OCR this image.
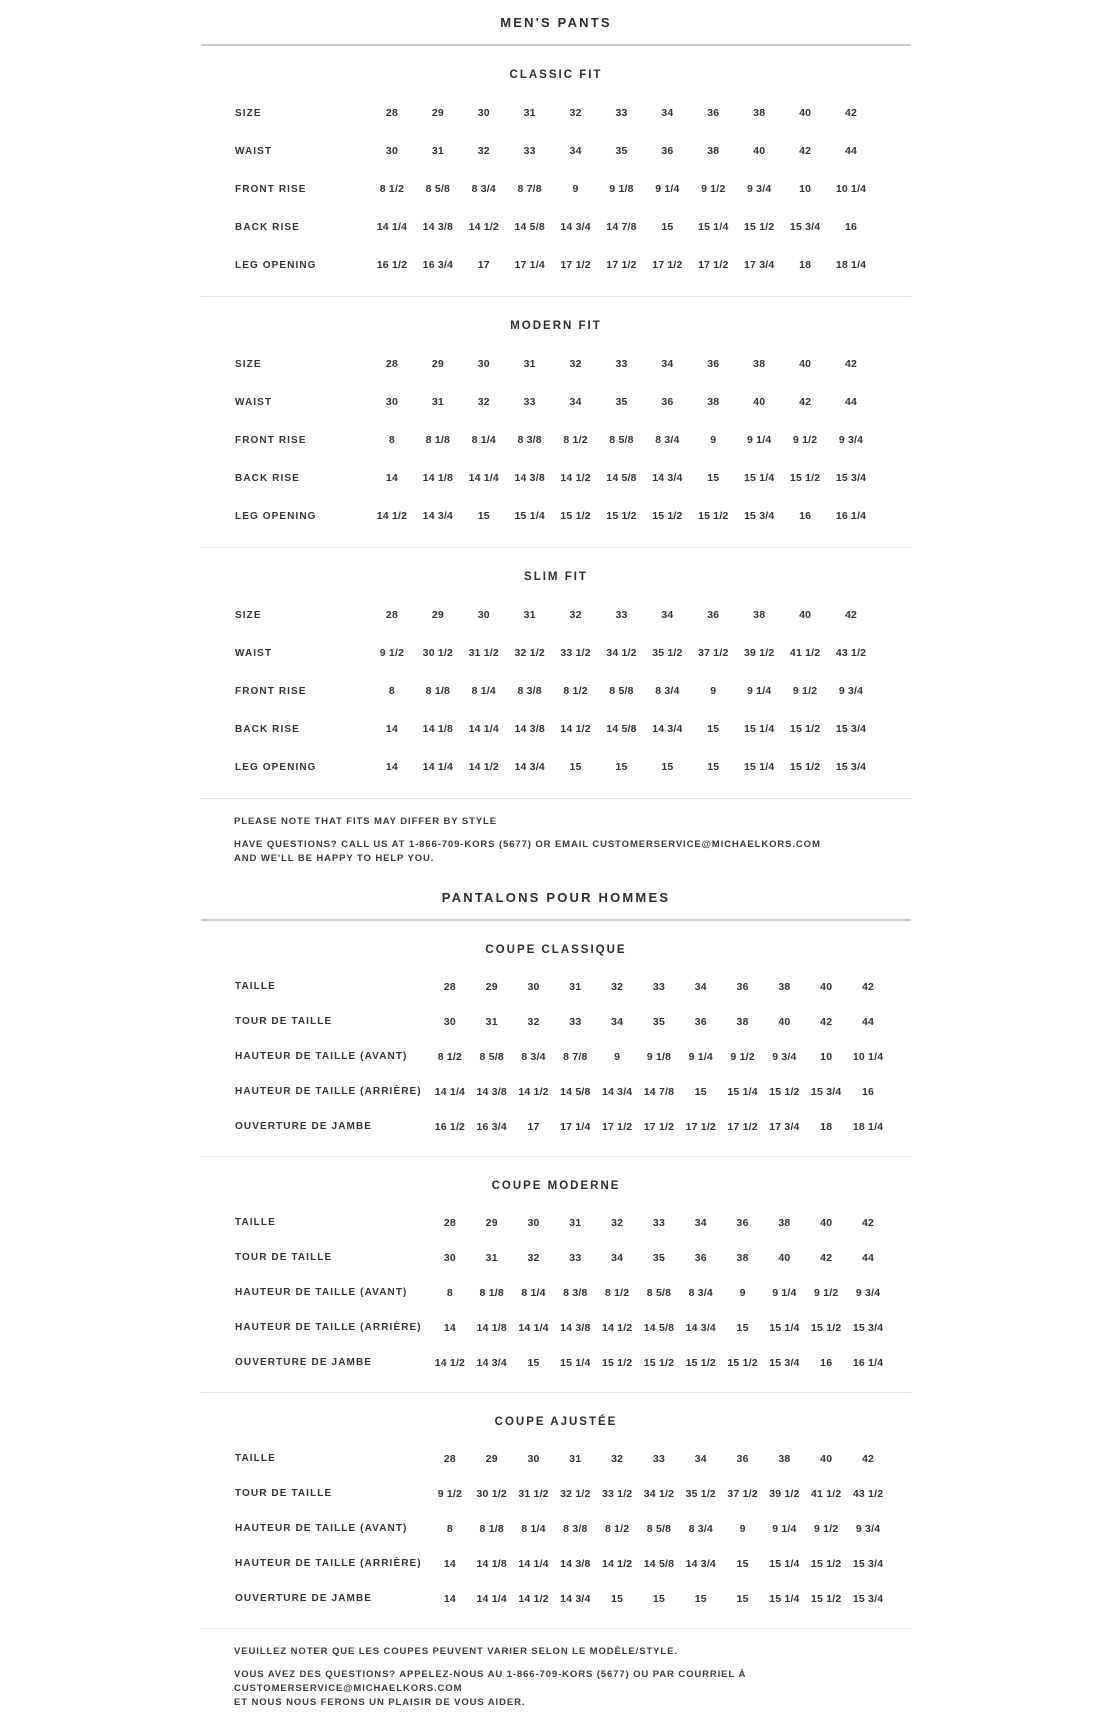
MEN'S PANTS
CLASSIC FIT
SIZE	28	29	30	31	32	33	34	36	38	40	42
WAIST	30	31	32	33	34	35	36	38	40	42	44
FRONT RISE	8 1/2	8 5/8	8 3/4	8 7/8	9	9 1/8	9 1/4	9 1/2	9 3/4	10	10 1/4
BACK RISE	14 1/4	14 3/8	14 1/2	14 5/8	14 3/4	14 7/8	15	15 1/4	15 1/2	15 3/4	16
LEG OPENING	16 1/2	16 3/4	17	17 1/4	17 1/2	17 1/2	17 1/2	17 1/2	17 3/4	18	18 1/4
MODERN FIT
SIZE	28	29	30	31	32	33	34	36	38	40	42
WAIST	30	31	32	33	34	35	36	38	40	42	44
FRONT RISE	8	8 1/8	8 1/4	8 3/8	8 1/2	8 5/8	8 3/4	9	9 1/4	9 1/2	9 3/4
BACK RISE	14	14 1/8	14 1/4	14 3/8	14 1/2	14 5/8	14 3/4	15	15 1/4	15 1/2	15 3/4
LEG OPENING	14 1/2	14 3/4	15	15 1/4	15 1/2	15 1/2	15 1/2	15 1/2	15 3/4	16	16 1/4
SLIM FIT
SIZE	28	29	30	31	32	33	34	36	38	40	42
WAIST	9 1/2	30 1/2	31 1/2	32 1/2	33 1/2	34 1/2	35 1/2	37 1/2	39 1/2	41 1/2	43 1/2
FRONT RISE	8	8 1/8	8 1/4	8 3/8	8 1/2	8 5/8	8 3/4	9	9 1/4	9 1/2	9 3/4
BACK RISE	14	14 1/8	14 1/4	14 3/8	14 1/2	14 5/8	14 3/4	15	15 1/4	15 1/2	15 3/4
LEG OPENING	14	14 1/4	14 1/2	14 3/4	15	15	15	15	15 1/4	15 1/2	15 3/4
PLEASE NOTE THAT FITS MAY DIFFER BY STYLE
HAVE QUESTIONS? CALL US AT 1-866-709-KORS (5677) OR EMAIL CUSTOMERSERVICE@MICHAELKORS.COM
AND WE'LL BE HAPPY TO HELP YOU.
PANTALONS POUR HOMMES
COUPE CLASSIQUE
TAILLE	28	29	30	31	32	33	34	36	38	40	42
TOUR DE TAILLE	30	31	32	33	34	35	36	38	40	42	44
HAUTEUR DE TAILLE (AVANT)	8 1/2	8 5/8	8 3/4	8 7/8	9	9 1/8	9 1/4	9 1/2	9 3/4	10	10 1/4
HAUTEUR DE TAILLE (ARRIÈRE)	14 1/4	14 3/8	14 1/2	14 5/8	14 3/4	14 7/8	15	15 1/4	15 1/2	15 3/4	16
OUVERTURE DE JAMBE	16 1/2	16 3/4	17	17 1/4	17 1/2	17 1/2	17 1/2	17 1/2	17 3/4	18	18 1/4
COUPE MODERNE
TAILLE	28	29	30	31	32	33	34	36	38	40	42
TOUR DE TAILLE	30	31	32	33	34	35	36	38	40	42	44
HAUTEUR DE TAILLE (AVANT)	8	8 1/8	8 1/4	8 3/8	8 1/2	8 5/8	8 3/4	9	9 1/4	9 1/2	9 3/4
HAUTEUR DE TAILLE (ARRIÈRE)	14	14 1/8	14 1/4	14 3/8	14 1/2	14 5/8	14 3/4	15	15 1/4	15 1/2	15 3/4
OUVERTURE DE JAMBE	14 1/2	14 3/4	15	15 1/4	15 1/2	15 1/2	15 1/2	15 1/2	15 3/4	16	16 1/4
COUPE AJUSTÉE
TAILLE	28	29	30	31	32	33	34	36	38	40	42
TOUR DE TAILLE	9 1/2	30 1/2	31 1/2	32 1/2	33 1/2	34 1/2	35 1/2	37 1/2	39 1/2	41 1/2	43 1/2
HAUTEUR DE TAILLE (AVANT)	8	8 1/8	8 1/4	8 3/8	8 1/2	8 5/8	8 3/4	9	9 1/4	9 1/2	9 3/4
HAUTEUR DE TAILLE (ARRIÈRE)	14	14 1/8	14 1/4	14 3/8	14 1/2	14 5/8	14 3/4	15	15 1/4	15 1/2	15 3/4
OUVERTURE DE JAMBE	14	14 1/4	14 1/2	14 3/4	15	15	15	15	15 1/4	15 1/2	15 3/4
VEUILLEZ NOTER QUE LES COUPES PEUVENT VARIER SELON LE MODÈLE/STYLE.
VOUS AVEZ DES QUESTIONS? APPELEZ-NOUS AU 1-866-709-KORS (5677) OU PAR COURRIEL À CUSTOMERSERVICE@MICHAELKORS.COM
ET NOUS NOUS FERONS UN PLAISIR DE VOUS AIDER.
